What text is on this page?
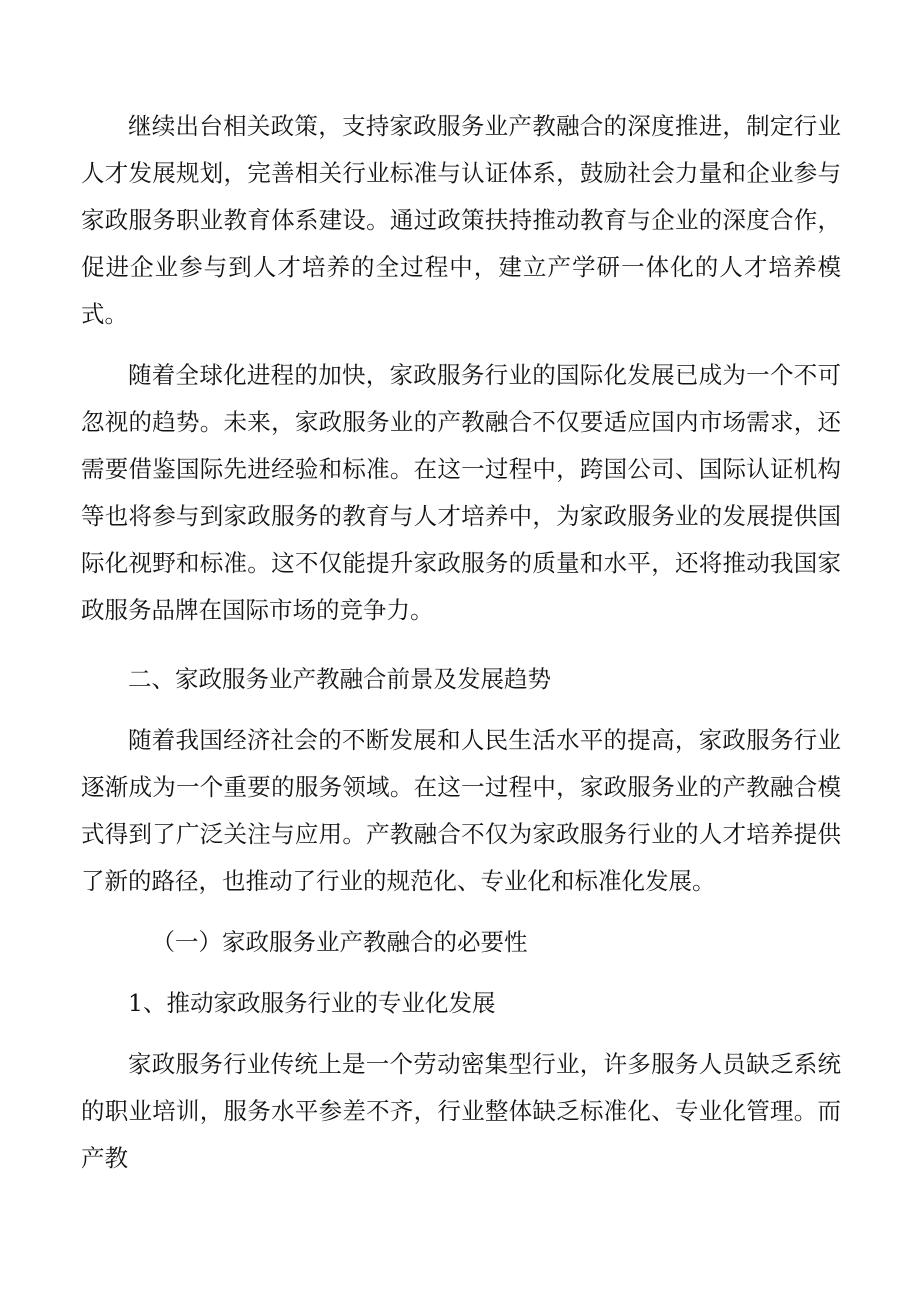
继续出台相关政策，支持家政服务业产教融合的深度推进，制定行业人才发展规划，完善相关行业标准与认证体系，鼓励社会力量和企业参与家政服务职业教育体系建设。通过政策扶持推动教育与企业的深度合作，促进企业参与到人才培养的全过程中，建立产学研一体化的人才培养模式。

随着全球化进程的加快，家政服务行业的国际化发展已成为一个不可忽视的趋势。未来，家政服务业的产教融合不仅要适应国内市场需求，还需要借鉴国际先进经验和标准。在这一过程中，跨国公司、国际认证机构等也将参与到家政服务的教育与人才培养中，为家政服务业的发展提供国际化视野和标准。这不仅能提升家政服务的质量和水平，还将推动我国家政服务品牌在国际市场的竞争力。

二、家政服务业产教融合前景及发展趋势

随着我国经济社会的不断发展和人民生活水平的提高，家政服务行业逐渐成为一个重要的服务领域。在这一过程中，家政服务业的产教融合模式得到了广泛关注与应用。产教融合不仅为家政服务行业的人才培养提供了新的路径，也推动了行业的规范化、专业化和标准化发展。

（一）家政服务业产教融合的必要性

1、推动家政服务行业的专业化发展

家政服务行业传统上是一个劳动密集型行业，许多服务人员缺乏系统的职业培训，服务水平参差不齐，行业整体缺乏标准化、专业化管理。而产教
